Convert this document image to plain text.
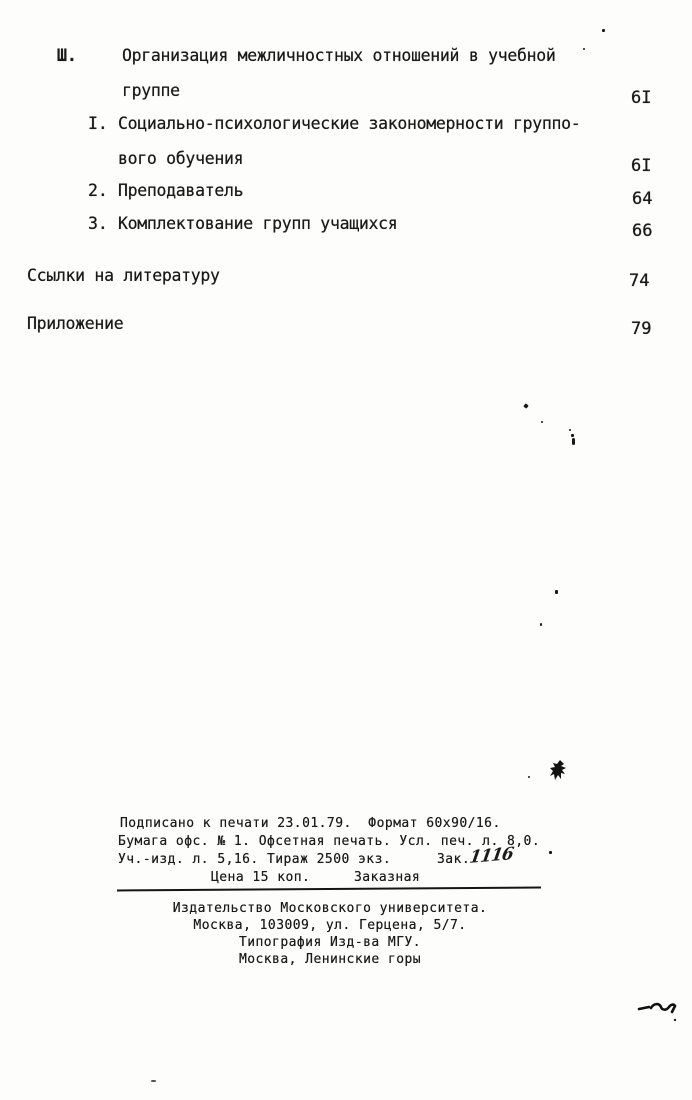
Ш.	Организация межличностных отношений в учебной
группе	6I
I. Социально-психологические закономерности группо-
вого обучения	6I
2. Преподаватель	64
3. Комплектование групп учащихся	66
Ссылки на литературу	74
Приложение	79
Подписано к печати 23.01.79.  Формат 60х90/16.
Бумага офс. № 1. Офсетная печать. Усл. печ. л. 8,0.
Уч.-изд. л. 5,16. Тираж 2500 экз.	Зак.
1116
Цена 15 коп.	Заказная
Издательство Московского университета.
Москва, 103009, ул. Герцена, 5/7.
Типография Изд-ва МГУ.
Москва, Ленинские горы
